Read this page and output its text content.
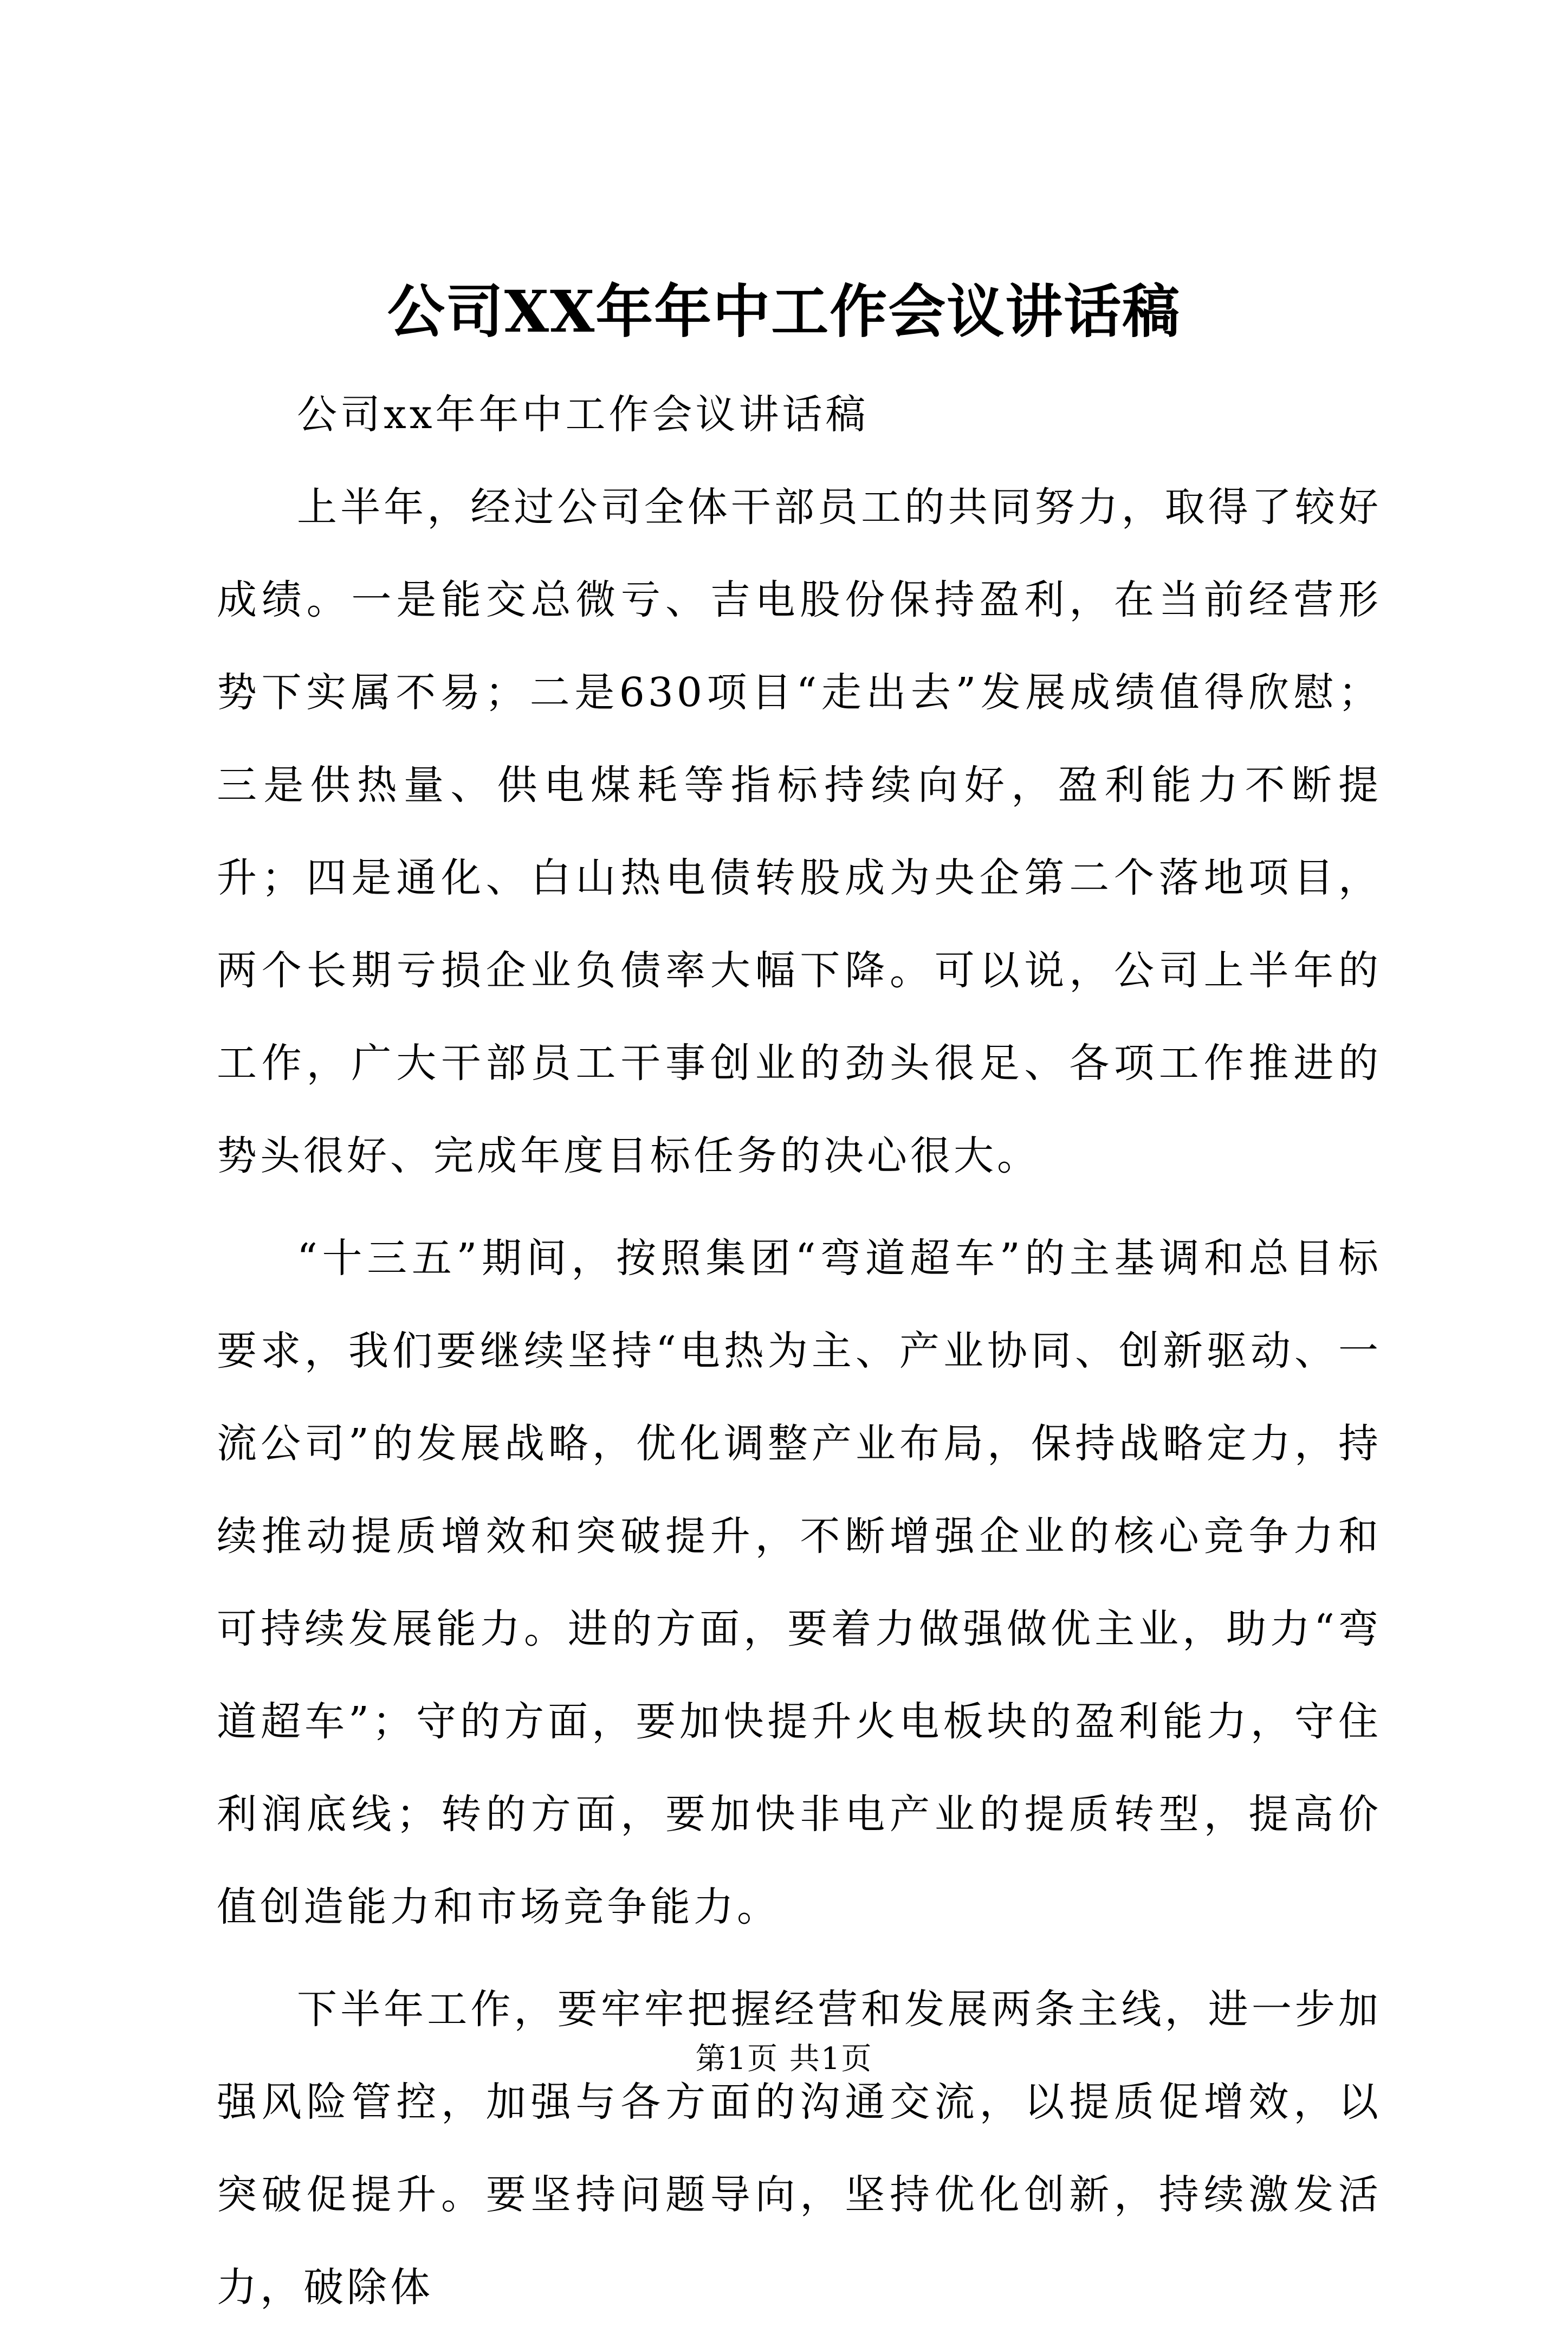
公司XX年年中工作会议讲话稿

公司xx年年中工作会议讲话稿

上半年，经过公司全体干部员工的共同努力，取得了较好成绩。一是能交总微亏、吉电股份保持盈利，在当前经营形势下实属不易；二是630项目“走出去”发展成绩值得欣慰；三是供热量、供电煤耗等指标持续向好，盈利能力不断提升；四是通化、白山热电债转股成为央企第二个落地项目，两个长期亏损企业负债率大幅下降。可以说，公司上半年的工作，广大干部员工干事创业的劲头很足、各项工作推进的势头很好、完成年度目标任务的决心很大。

“十三五”期间，按照集团“弯道超车”的主基调和总目标要求，我们要继续坚持“电热为主、产业协同、创新驱动、一流公司”的发展战略，优化调整产业布局，保持战略定力，持续推动提质增效和突破提升，不断增强企业的核心竞争力和可持续发展能力。进的方面，要着力做强做优主业，助力“弯道超车”；守的方面，要加快提升火电板块的盈利能力，守住利润底线；转的方面，要加快非电产业的提质转型，提高价值创造能力和市场竞争能力。

下半年工作，要牢牢把握经营和发展两条主线，进一步加强风险管控，加强与各方面的沟通交流，以提质促增效，以突破促提升。要坚持问题导向，坚持优化创新，持续激发活力，破除体

第1页 共1页
